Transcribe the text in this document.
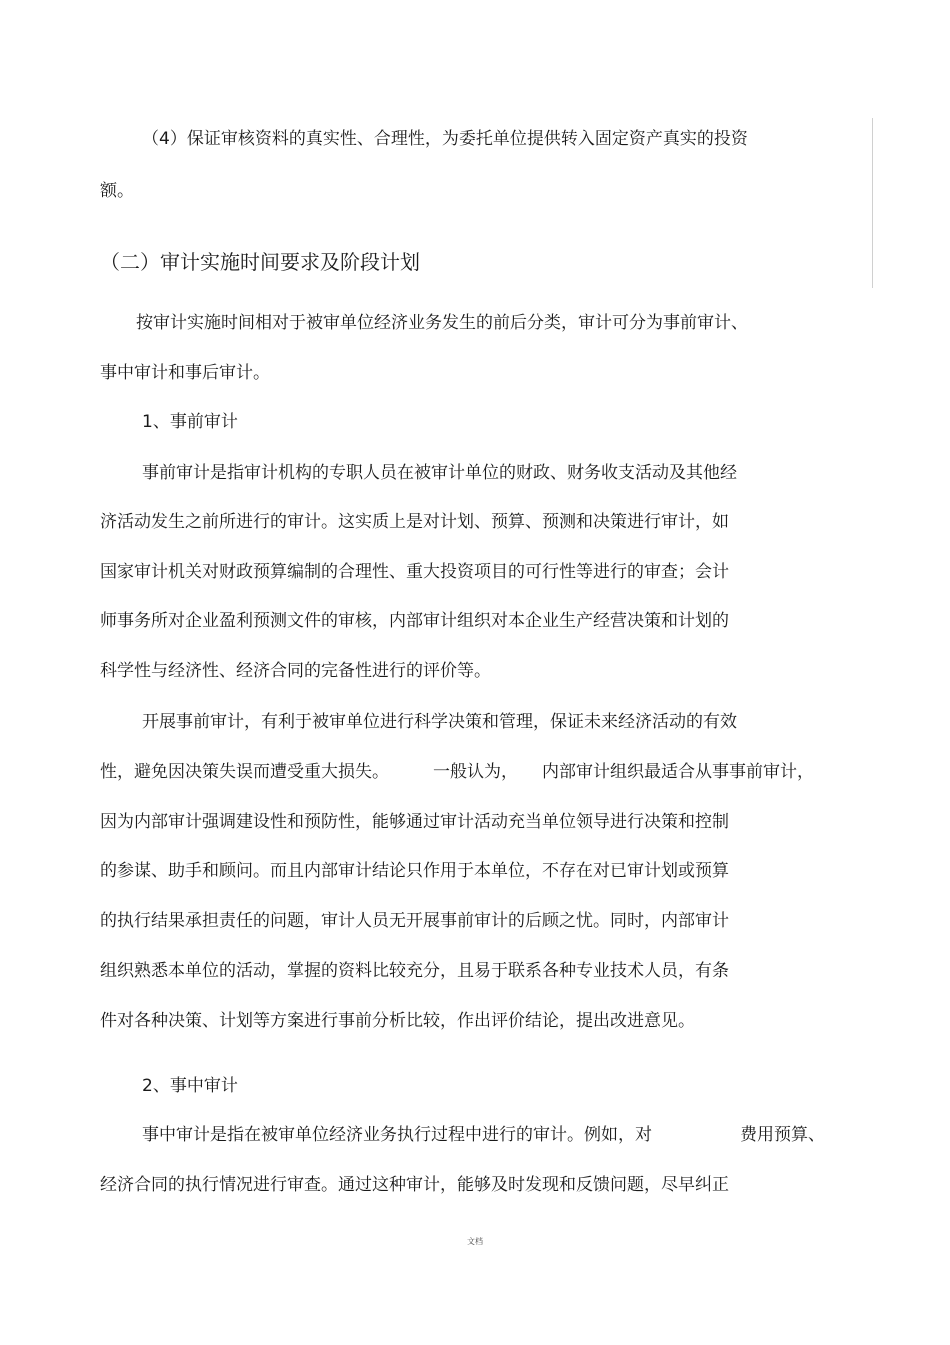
（4）保证审核资料的真实性、合理性，为委托单位提供转入固定资产真实的投资
额。
（二）审计实施时间要求及阶段计划
按审计实施时间相对于被审单位经济业务发生的前后分类，审计可分为事前审计、
事中审计和事后审计。
1、事前审计
事前审计是指审计机构的专职人员在被审计单位的财政、财务收支活动及其他经
济活动发生之前所进行的审计。这实质上是对计划、预算、预测和决策进行审计，如
国家审计机关对财政预算编制的合理性、重大投资项目的可行性等进行的审查；会计
师事务所对企业盈利预测文件的审核，内部审计组织对本企业生产经营决策和计划的
科学性与经济性、经济合同的完备性进行的评价等。
开展事前审计，有利于被审单位进行科学决策和管理，保证未来经济活动的有效
性，避免因决策失误而遭受重大损失。	一般认为， 内部审计组织最适合从事事前审计，
因为内部审计强调建设性和预防性，能够通过审计活动充当单位领导进行决策和控制
的参谋、助手和顾问。而且内部审计结论只作用于本单位，不存在对已审计划或预算
的执行结果承担责任的问题，审计人员无开展事前审计的后顾之忧。同时，内部审计
组织熟悉本单位的活动，掌握的资料比较充分，且易于联系各种专业技术人员，有条
件对各种决策、计划等方案进行事前分析比较，作出评价结论，提出改进意见。
2、事中审计
事中审计是指在被审单位经济业务执行过程中进行的审计。例如，对	费用预算、
经济合同的执行情况进行审查。通过这种审计，能够及时发现和反馈问题，尽早纠正
文档
